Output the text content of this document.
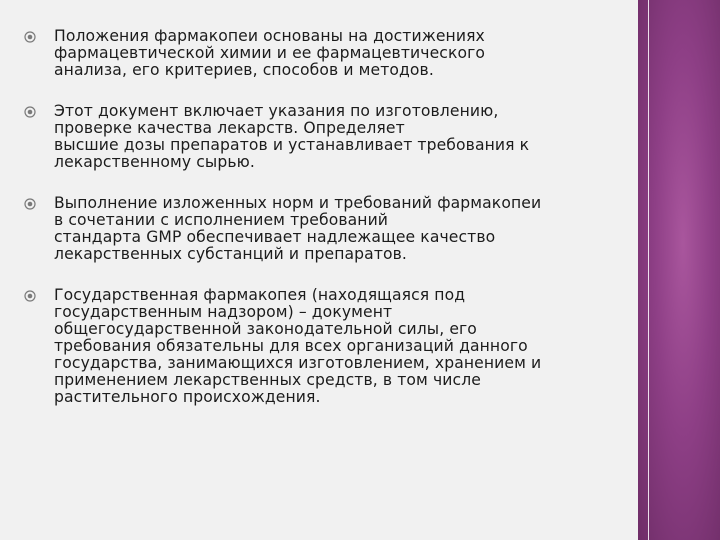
Положения фармакопеи основаны на достижениях
фармацевтической химии и ее фармацевтического
анализа, его критериев, способов и методов.
Этот документ включает указания по изготовлению,
проверке качества лекарств. Определяет
высшие дозы препаратов и устанавливает требования к
лекарственному сырью.
Выполнение изложенных норм и требований фармакопеи
в сочетании с исполнением требований
стандарта GMP обеспечивает надлежащее качество
лекарственных субстанций и препаратов.
Государственная фармакопея (находящаяся под
государственным надзором) – документ
общегосударственной законодательной силы, его
требования обязательны для всех организаций данного
государства, занимающихся изготовлением, хранением и
применением лекарственных средств, в том числе
растительного происхождения.
